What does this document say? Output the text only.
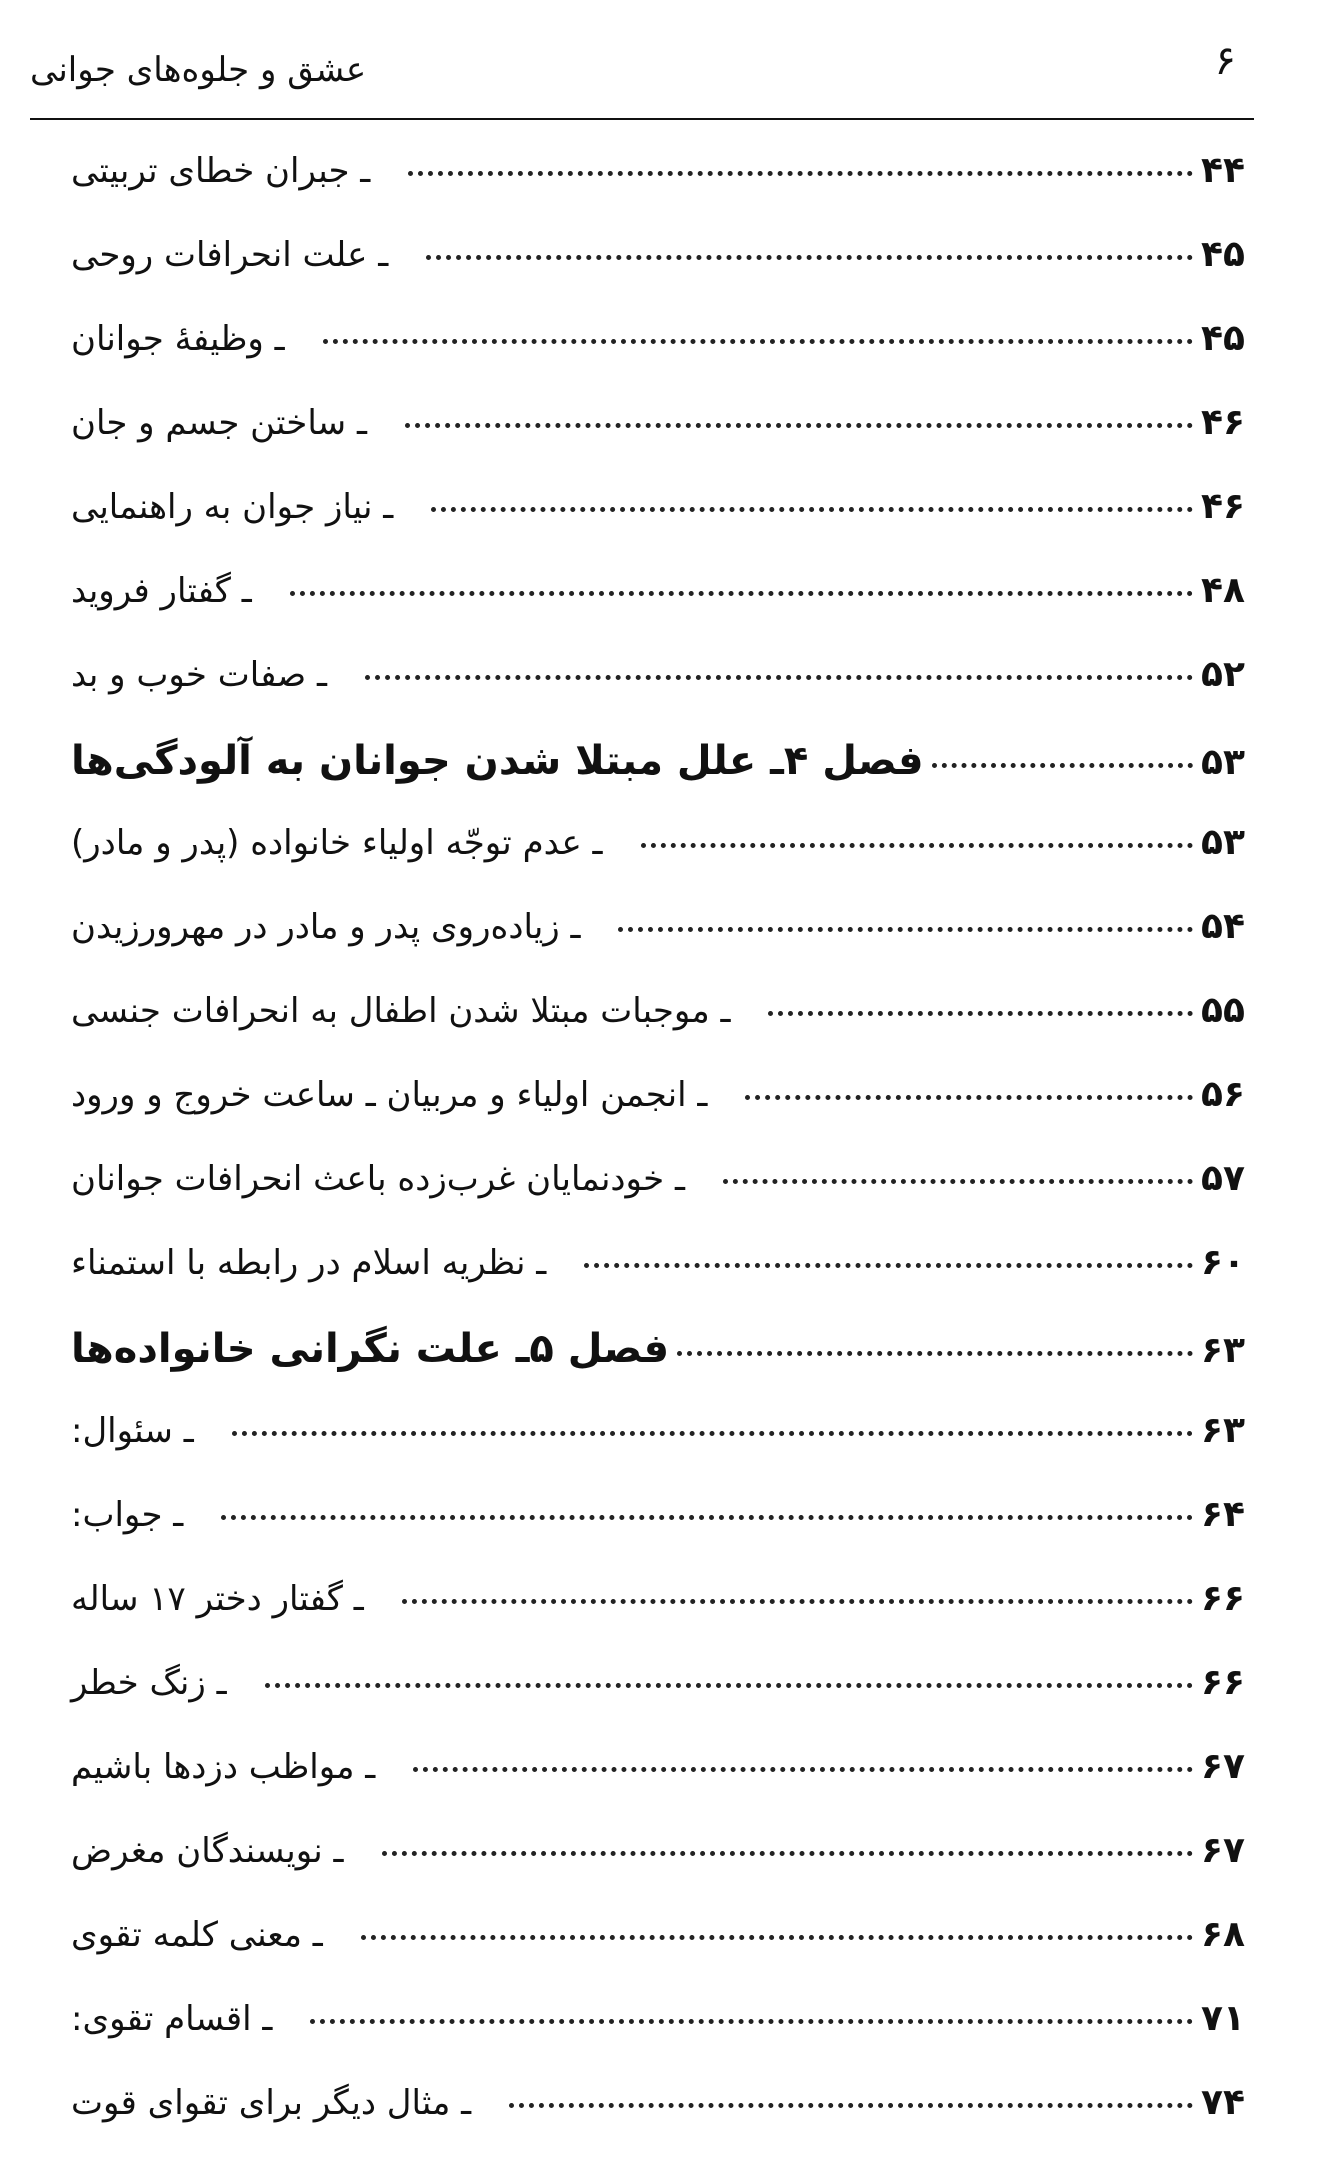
۶
عشق و جلوه‌های جوانی
ـ جبران خطای تربیتی	۴۴
ـ علت انحرافات روحی	۴۵
ـ وظیفهٔ جوانان	۴۵
ـ ساختن جسم و جان	۴۶
ـ نیاز جوان به راهنمایی	۴۶
ـ گفتار فروید	۴۸
ـ صفات خوب و بد	۵۲
فصل ۴ـ علل مبتلا شدن جوانان به آلودگی‌ها	۵۳
ـ عدم توجّه اولیاء خانواده (پدر و مادر)	۵۳
ـ زیاده‌روی پدر و مادر در مهرورزیدن	۵۴
ـ موجبات مبتلا شدن اطفال به انحرافات جنسی	۵۵
ـ انجمن اولیاء و مربیان ـ ساعت خروج و ورود	۵۶
ـ خودنمایان غرب‌زده باعث انحرافات جوانان	۵۷
ـ نظریه اسلام در رابطه با استمناء	۶۰
فصل ۵ـ علت نگرانی خانواده‌ها	۶۳
ـ سئوال:	۶۳
ـ جواب:	۶۴
ـ گفتار دختر ۱۷ ساله	۶۶
ـ زنگ خطر	۶۶
ـ مواظب دزدها باشیم	۶۷
ـ نویسندگان مغرض	۶۷
ـ معنی کلمه تقوی	۶۸
ـ اقسام تقوی:	۷۱
ـ مثال دیگر برای تقوای قوت	۷۴
